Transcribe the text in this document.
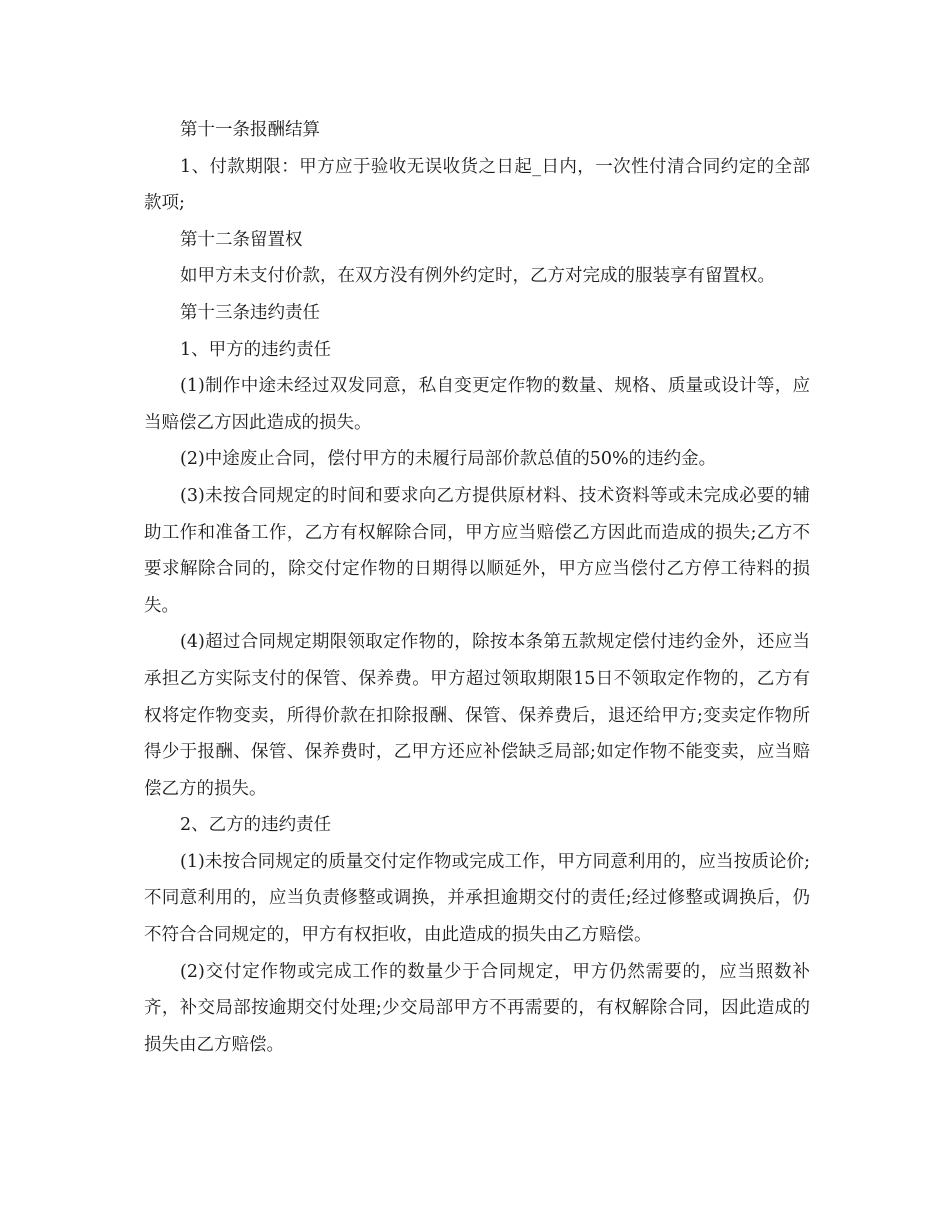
第十一条报酬结算

1、付款期限：甲方应于验收无误收货之日起_日内，一次性付清合同约定的全部款项;

第十二条留置权

如甲方未支付价款，在双方没有例外约定时，乙方对完成的服装享有留置权。

第十三条违约责任

1、甲方的违约责任

(1)制作中途未经过双发同意，私自变更定作物的数量、规格、质量或设计等，应当赔偿乙方因此造成的损失。

(2)中途废止合同，偿付甲方的未履行局部价款总值的50%的违约金。

(3)未按合同规定的时间和要求向乙方提供原材料、技术资料等或未完成必要的辅助工作和准备工作，乙方有权解除合同，甲方应当赔偿乙方因此而造成的损失;乙方不要求解除合同的，除交付定作物的日期得以顺延外，甲方应当偿付乙方停工待料的损失。

(4)超过合同规定期限领取定作物的，除按本条第五款规定偿付违约金外，还应当承担乙方实际支付的保管、保养费。甲方超过领取期限15日不领取定作物的，乙方有权将定作物变卖，所得价款在扣除报酬、保管、保养费后，退还给甲方;变卖定作物所得少于报酬、保管、保养费时，乙甲方还应补偿缺乏局部;如定作物不能变卖，应当赔偿乙方的损失。

2、乙方的违约责任

(1)未按合同规定的质量交付定作物或完成工作，甲方同意利用的，应当按质论价;不同意利用的，应当负责修整或调换，并承担逾期交付的责任;经过修整或调换后，仍不符合合同规定的，甲方有权拒收，由此造成的损失由乙方赔偿。

(2)交付定作物或完成工作的数量少于合同规定，甲方仍然需要的，应当照数补齐，补交局部按逾期交付处理;少交局部甲方不再需要的，有权解除合同，因此造成的损失由乙方赔偿。
